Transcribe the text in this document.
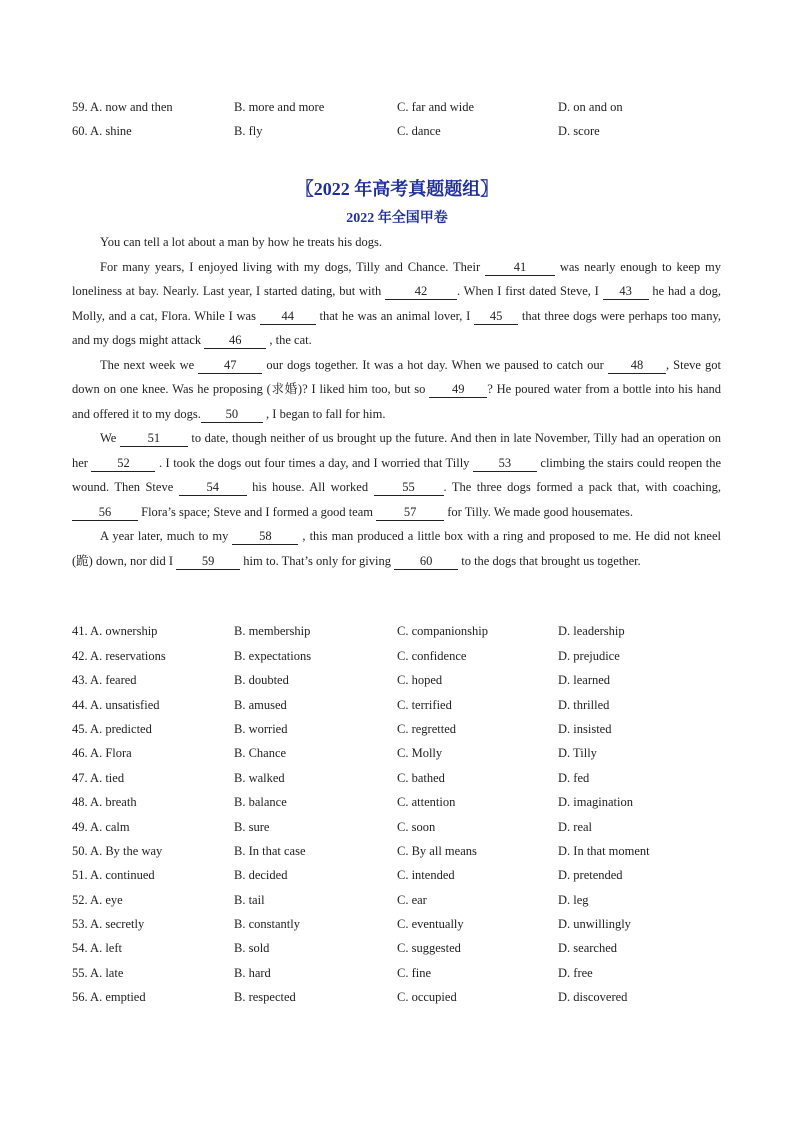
59. A. now and then	B. more and more	C. far and wide	D. on and on
60. A. shine	B. fly	C. dance	D. score
〖2022 年高考真题题组〗
2022 年全国甲卷

You can tell a lot about a man by how he treats his dogs.

For many years, I enjoyed living with my dogs, Tilly and Chance. Their 41 was nearly enough to keep my loneliness at bay. Nearly. Last year, I started dating, but with 42 . When I first dated Steve, I 43 he had a dog, Molly, and a cat, Flora. While I was 44 that he was an animal lover, I 45 that three dogs were perhaps too many, and my dogs might attack 46 , the cat.

The next week we 47 our dogs together. It was a hot day. When we paused to catch our 48 , Steve got down on one knee. Was he proposing (求婚)? I liked him too, but so 49 ? He poured water from a bottle into his hand and offered it to my dogs. 50 , I began to fall for him.

We 51 to date, though neither of us brought up the future. And then in late November, Tilly had an operation on her 52 . I took the dogs out four times a day, and I worried that Tilly 53 climbing the stairs could reopen the wound. Then Steve 54 his house. All worked 55 . The three dogs formed a pack that, with coaching, 56 Flora’s space; Steve and I formed a good team 57 for Tilly. We made good housemates.

A year later, much to my 58 , this man produced a little box with a ring and proposed to me. He did not kneel (跪) down, nor did I 59 him to. That’s only for giving 60 to the dogs that brought us together.

41. A. ownership	B. membership	C. companionship	D. leadership
42. A. reservations	B. expectations	C. confidence	D. prejudice
43. A. feared	B. doubted	C. hoped	D. learned
44. A. unsatisfied	B. amused	C. terrified	D. thrilled
45. A. predicted	B. worried	C. regretted	D. insisted
46. A. Flora	B. Chance	C. Molly	D. Tilly
47. A. tied	B. walked	C. bathed	D. fed
48. A. breath	B. balance	C. attention	D. imagination
49. A. calm	B. sure	C. soon	D. real
50. A. By the way	B. In that case	C. By all means	D. In that moment
51. A. continued	B. decided	C. intended	D. pretended
52. A. eye	B. tail	C. ear	D. leg
53. A. secretly	B. constantly	C. eventually	D. unwillingly
54. A. left	B. sold	C. suggested	D. searched
55. A. late	B. hard	C. fine	D. free
56. A. emptied	B. respected	C. occupied	D. discovered
